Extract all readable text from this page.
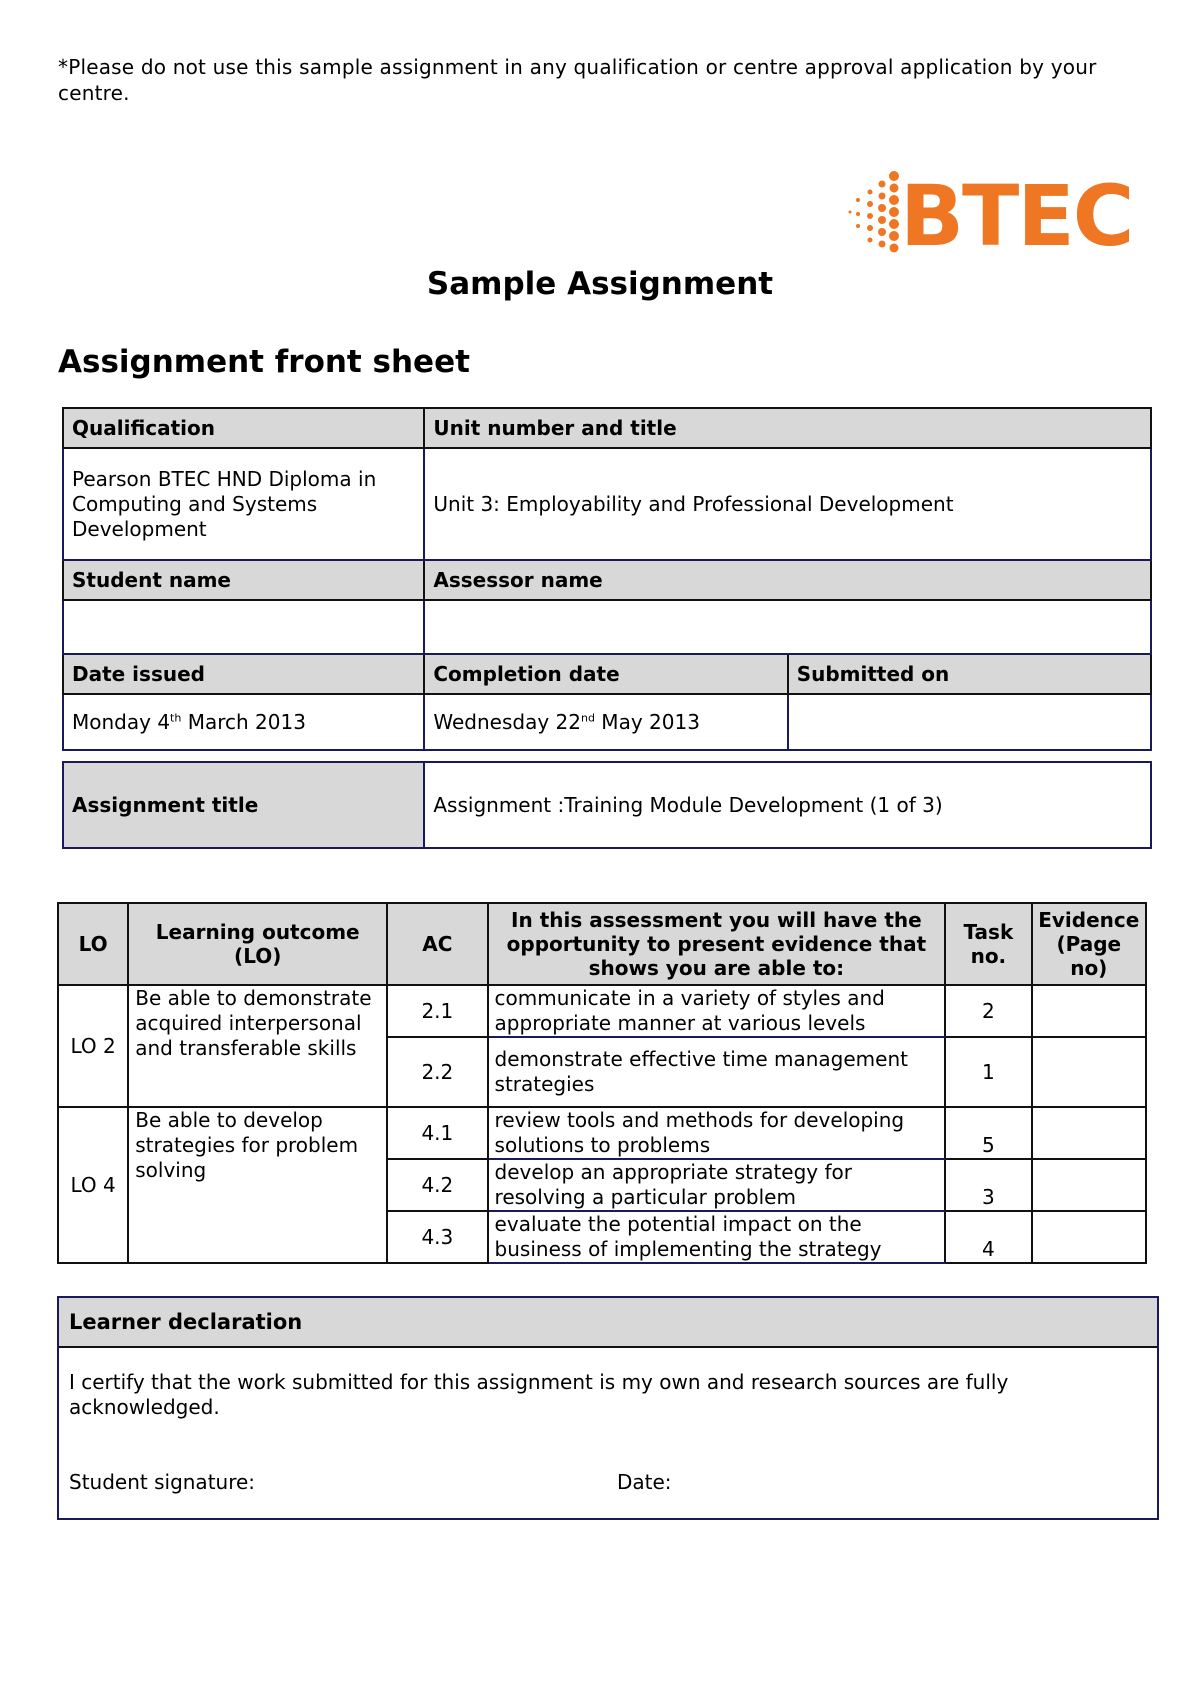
*Please do not use this sample assignment in any qualification or centre approval application by your centre.
BTEC
Sample Assignment
Assignment front sheet
Qualification	Unit number and title	
Pearson BTEC HND Diploma in Computing and Systems Development	Unit 3: Employability and Professional Development	
Student name	Assessor name	

Date issued	Completion date	Submitted on
Monday 4th March 2013	Wednesday 22nd May 2013	

Assignment title	Assignment :Training Module Development (1 of 3)	
LO	Learning outcome (LO)	AC	In this assessment you will have the opportunity to present evidence that shows you are able to:	Task no.	Evidence (Page no)
LO 2	Be able to demonstrate acquired interpersonal and transferable skills	2.1	communicate in a variety of styles and appropriate manner at various levels	2	
		2.2	demonstrate effective time management strategies	1	
LO 4	Be able to develop strategies for problem solving	4.1	review tools and methods for developing solutions to problems	5	
		4.2	develop an appropriate strategy for resolving a particular problem	3	
		4.3	evaluate the potential impact on the business of implementing the strategy	4	
Learner declaration
I certify that the work submitted for this assignment is my own and research sources are fully acknowledged.
Student signature:	Date:
